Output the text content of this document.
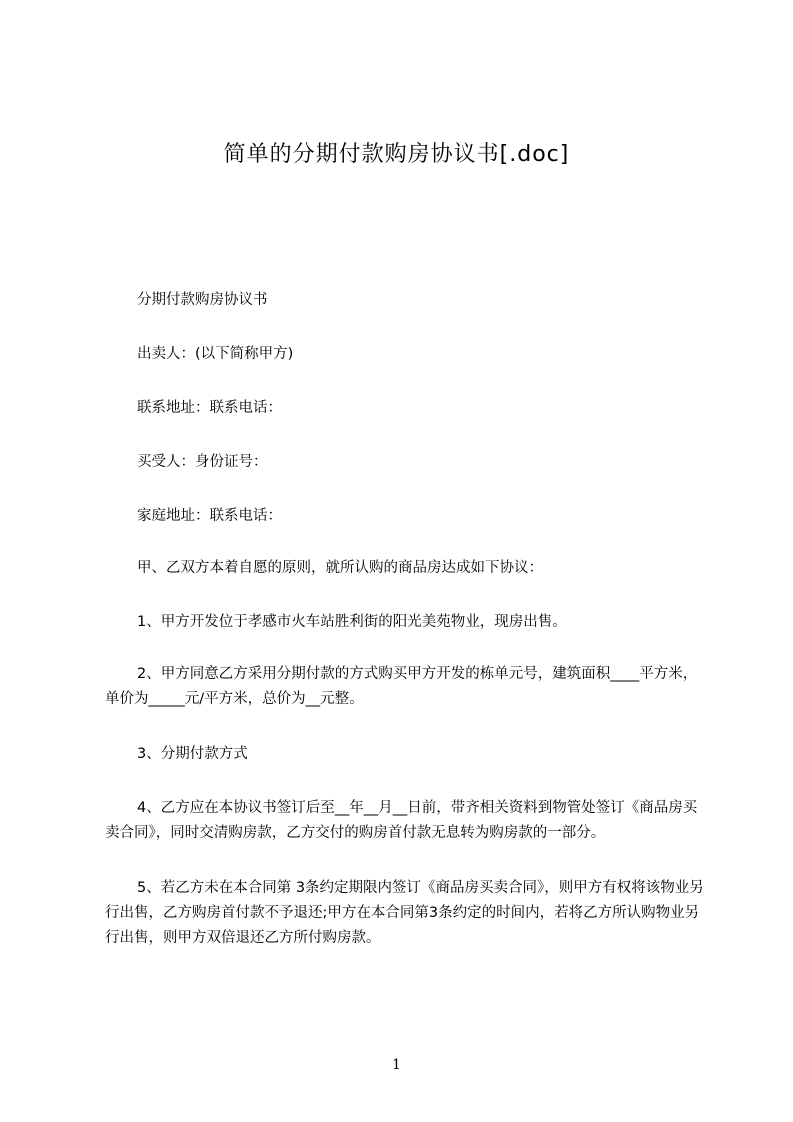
简单的分期付款购房协议书[.doc]
分期付款购房协议书
出卖人：(以下简称甲方)
联系地址：联系电话：
买受人：身份证号：
家庭地址：联系电话：
甲、乙双方本着自愿的原则，就所认购的商品房达成如下协议：
1、甲方开发位于孝感市火车站胜利街的阳光美苑物业，现房出售。
2、甲方同意乙方采用分期付款的方式购买甲方开发的栋单元号，建筑面积____平方米，单价为_____元/平方米，总价为__元整。
3、分期付款方式
4、乙方应在本协议书签订后至__年__月__日前，带齐相关资料到物管处签订《商品房买卖合同》，同时交清购房款，乙方交付的购房首付款无息转为购房款的一部分。
5、若乙方未在本合同第 3条约定期限内签订《商品房买卖合同》，则甲方有权将该物业另行出售，乙方购房首付款不予退还;甲方在本合同第3条约定的时间内，若将乙方所认购物业另行出售，则甲方双倍退还乙方所付购房款。
1
